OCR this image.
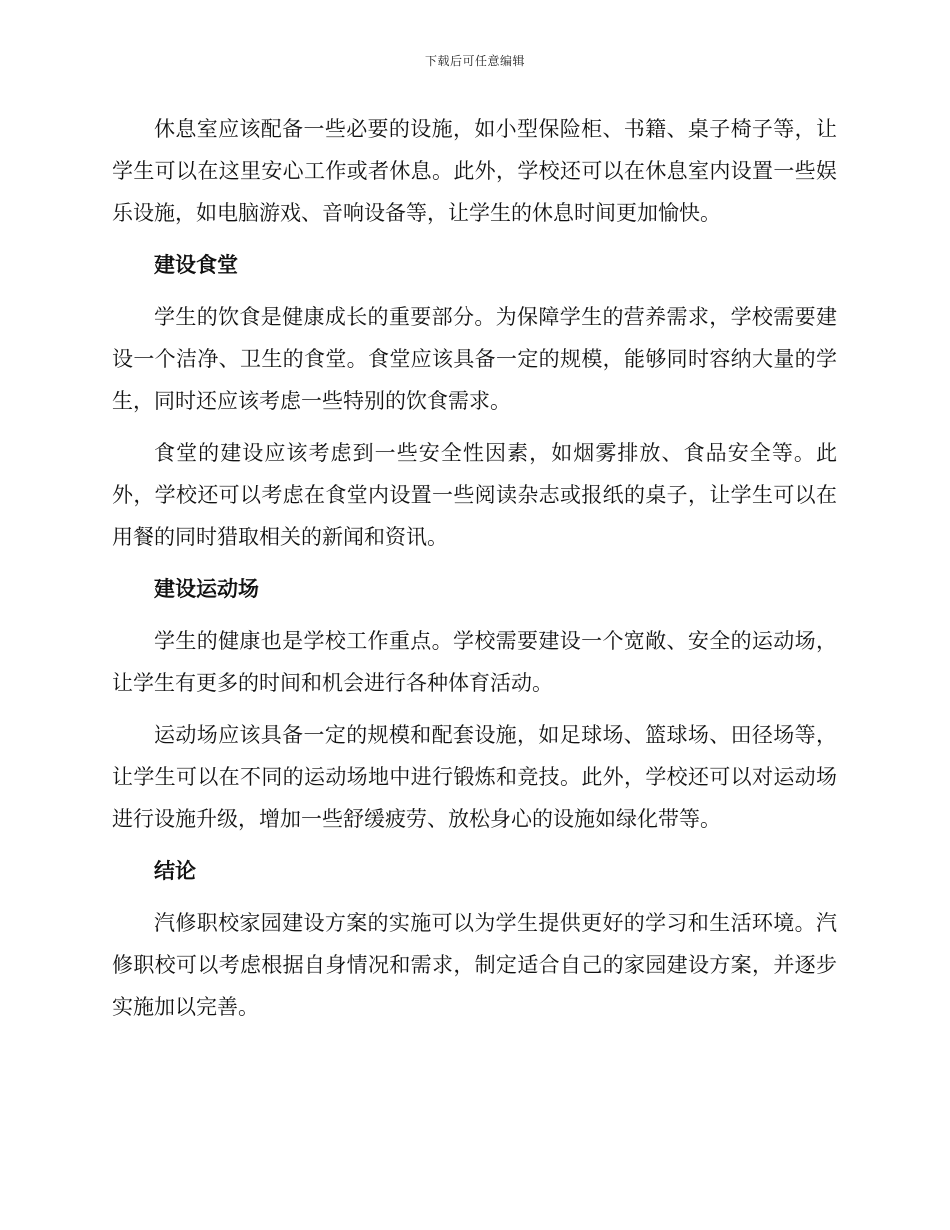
下载后可任意编辑

休息室应该配备一些必要的设施，如小型保险柜、书籍、桌子椅子等，让学生可以在这里安心工作或者休息。此外，学校还可以在休息室内设置一些娱乐设施，如电脑游戏、音响设备等，让学生的休息时间更加愉快。

建设食堂

学生的饮食是健康成长的重要部分。为保障学生的营养需求，学校需要建设一个洁净、卫生的食堂。食堂应该具备一定的规模，能够同时容纳大量的学生，同时还应该考虑一些特别的饮食需求。

食堂的建设应该考虑到一些安全性因素，如烟雾排放、食品安全等。此外，学校还可以考虑在食堂内设置一些阅读杂志或报纸的桌子，让学生可以在用餐的同时猎取相关的新闻和资讯。

建设运动场

学生的健康也是学校工作重点。学校需要建设一个宽敞、安全的运动场，让学生有更多的时间和机会进行各种体育活动。

运动场应该具备一定的规模和配套设施，如足球场、篮球场、田径场等，让学生可以在不同的运动场地中进行锻炼和竞技。此外，学校还可以对运动场进行设施升级，增加一些舒缓疲劳、放松身心的设施如绿化带等。

结论

汽修职校家园建设方案的实施可以为学生提供更好的学习和生活环境。汽修职校可以考虑根据自身情况和需求，制定适合自己的家园建设方案，并逐步实施加以完善。
